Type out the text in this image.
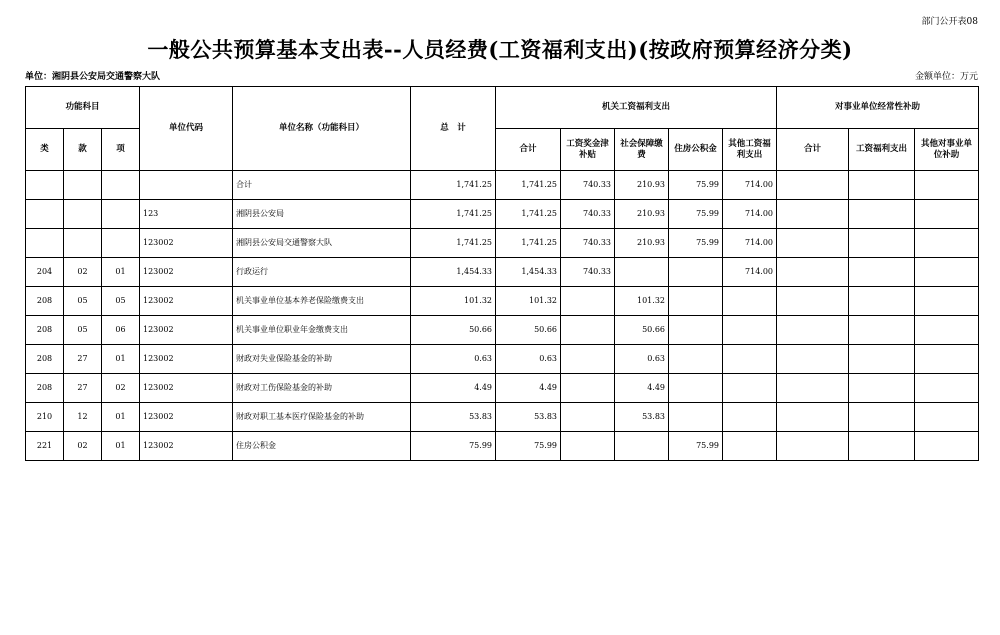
部门公开表08
一般公共预算基本支出表--人员经费(工资福利支出)(按政府预算经济分类)
单位：湘阴县公安局交通警察大队	金额单位：万元
功能科目			单位代码	单位名称（功能科目）	总　计	机关工资福利支出					对事业单位经常性补助		
类	款	项				合计	工资奖金津补贴	社会保障缴费	住房公积金	其他工资福利支出	合计	工资福利支出	其他对事业单位补助
				合计	1,741.25	1,741.25	740.33	210.93	75.99	714.00			
			123	湘阴县公安局	1,741.25	1,741.25	740.33	210.93	75.99	714.00			
			123002	湘阴县公安局交通警察大队	1,741.25	1,741.25	740.33	210.93	75.99	714.00			
204	02	01	123002	行政运行	1,454.33	1,454.33	740.33			714.00			
208	05	05	123002	机关事业单位基本养老保险缴费支出	101.32	101.32		101.32					
208	05	06	123002	机关事业单位职业年金缴费支出	50.66	50.66		50.66					
208	27	01	123002	财政对失业保险基金的补助	0.63	0.63		0.63					
208	27	02	123002	财政对工伤保险基金的补助	4.49	4.49		4.49					
210	12	01	123002	财政对职工基本医疗保险基金的补助	53.83	53.83		53.83					
221	02	01	123002	住房公积金	75.99	75.99			75.99				
